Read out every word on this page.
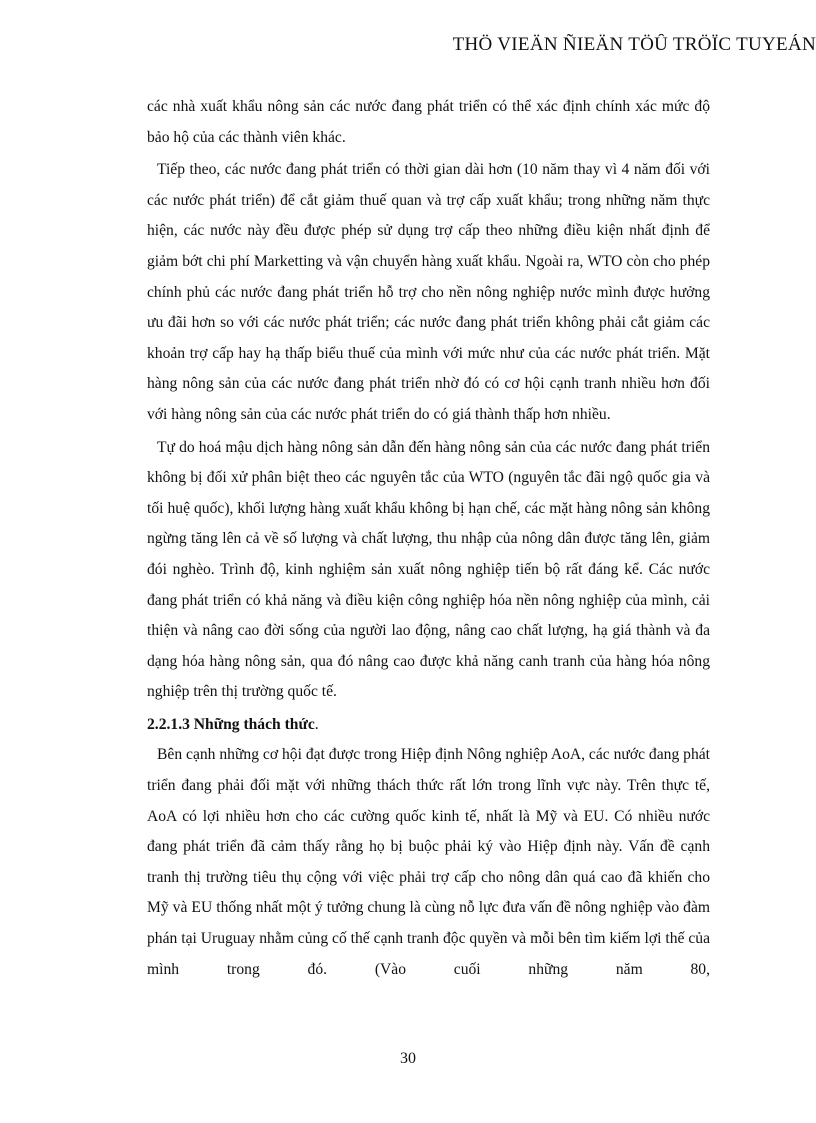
THÖ VIEÄN ÑIEÄN TÖÛ TRÖÏC TUYEÁN

các nhà xuất khẩu nông sản các nước đang phát triển có thể xác định chính xác mức độ bảo hộ của các thành viên khác.

Tiếp theo, các nước đang phát triển có thời gian dài hơn (10 năm thay vì 4 năm đối với các nước phát triển) để cắt giảm thuế quan và trợ cấp xuất khẩu; trong những năm thực hiện, các nước này đều được phép sử dụng trợ cấp theo những điều kiện nhất định để giảm bớt chi phí Marketting và vận chuyển hàng xuất khẩu. Ngoài ra, WTO còn cho phép chính phủ các nước đang phát triển hỗ trợ cho nền nông nghiệp nước mình được hưởng ưu đãi hơn so với các nước phát triển; các nước đang phát triển không phải cắt giảm các khoản trợ cấp hay hạ thấp biểu thuế của mình với mức như của các nước phát triển. Mặt hàng nông sản của các nước đang phát triển nhờ đó có cơ hội cạnh tranh nhiều hơn đối với hàng nông sản của các nước phát triển do có giá thành thấp hơn nhiều.

Tự do hoá mậu dịch hàng nông sản dẫn đến hàng nông sản của các nước đang phát triển không bị đối xử phân biệt theo các nguyên tắc của WTO (nguyên tắc đãi ngộ quốc gia và tối huệ quốc), khối lượng hàng xuất khẩu không bị hạn chế, các mặt hàng nông sản không ngừng tăng lên cả về số lượng và chất lượng, thu nhập của nông dân được tăng lên, giảm đói nghèo. Trình độ, kinh nghiệm sản xuất nông nghiệp tiến bộ rất đáng kể. Các nước đang phát triển có khả năng và điều kiện công nghiệp hóa nền nông nghiệp của mình, cải thiện và nâng cao đời sống của người lao động, nâng cao chất lượng, hạ giá thành và đa dạng hóa hàng nông sản, qua đó nâng cao được khả năng canh tranh của hàng hóa nông nghiệp trên thị trường quốc tế.

2.2.1.3 Những thách thức.

Bên cạnh những cơ hội đạt được trong Hiệp định Nông nghiệp AoA, các nước đang phát triển đang phải đối mặt với những thách thức rất lớn trong lĩnh vực này. Trên thực tế, AoA có lợi nhiều hơn cho các cường quốc kinh tế, nhất là Mỹ và EU. Có nhiều nước đang phát triển đã cảm thấy rằng họ bị buộc phải ký vào Hiệp định này. Vấn đề cạnh tranh thị trường tiêu thụ cộng với việc phải trợ cấp cho nông dân quá cao đã khiến cho Mỹ và EU thống nhất một ý tưởng chung là cùng nỗ lực đưa vấn đề nông nghiệp vào đàm phán tại Uruguay nhằm củng cố thế cạnh tranh độc quyền và mỗi bên tìm kiếm lợi thế của mình trong đó. (Vào cuối những năm 80,

30
